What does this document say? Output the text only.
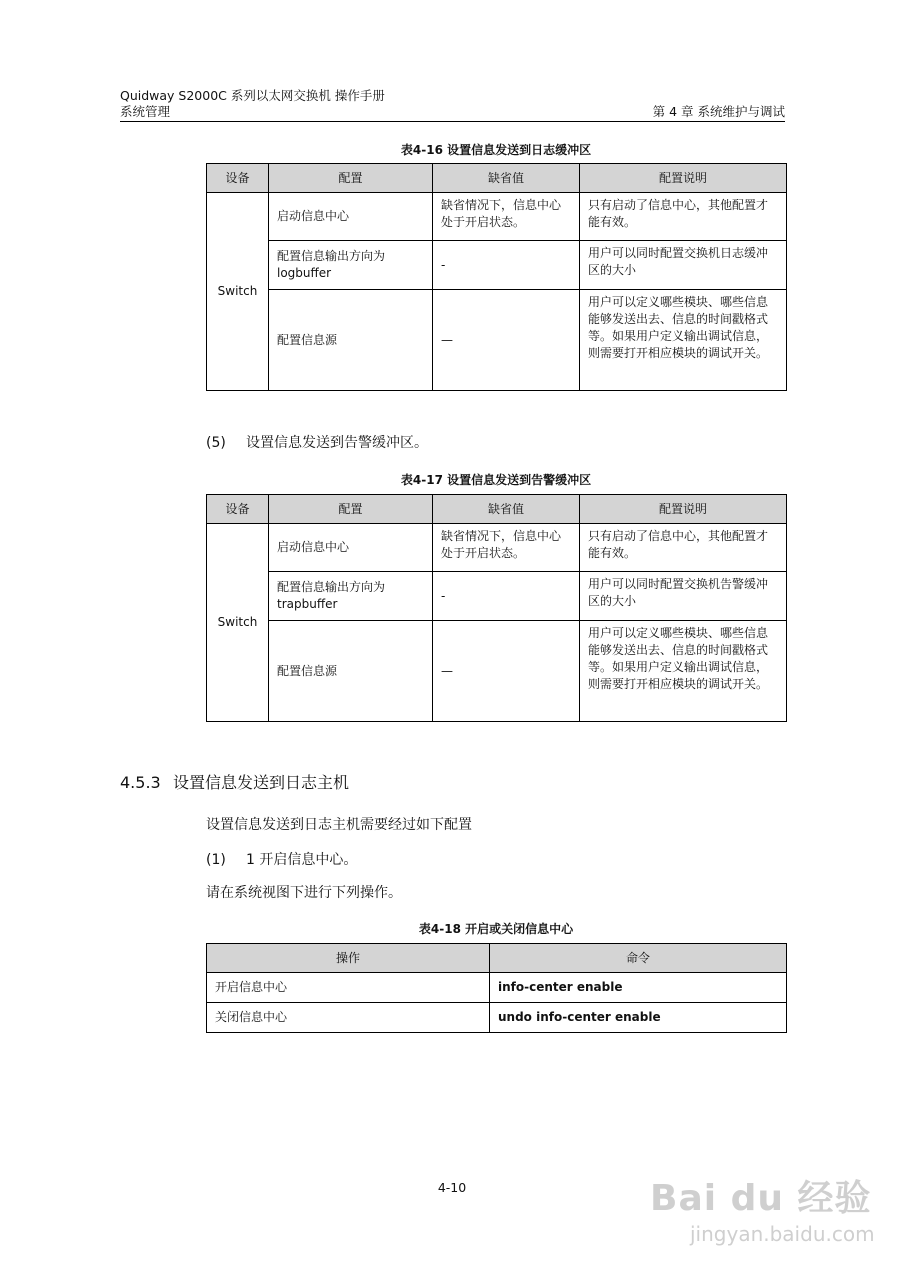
Quidway S2000C 系列以太网交换机 操作手册
系统管理	第 4 章 系统维护与调试
表4-16 设置信息发送到日志缓冲区
设备	配置	缺省值	配置说明
Switch	启动信息中心	缺省情况下，信息中心处于开启状态。	只有启动了信息中心，其他配置才能有效。
	配置信息输出方向为 logbuffer	-	用户可以同时配置交换机日志缓冲区的大小
	配置信息源	—	用户可以定义哪些模块、哪些信息能够发送出去、信息的时间戳格式等。如果用户定义输出调试信息，则需要打开相应模块的调试开关。
(5) 设置信息发送到告警缓冲区。
表4-17 设置信息发送到告警缓冲区
设备	配置	缺省值	配置说明
Switch	启动信息中心	缺省情况下，信息中心处于开启状态。	只有启动了信息中心，其他配置才能有效。
	配置信息输出方向为 trapbuffer	-	用户可以同时配置交换机告警缓冲区的大小
	配置信息源	—	用户可以定义哪些模块、哪些信息能够发送出去、信息的时间戳格式等。如果用户定义输出调试信息，则需要打开相应模块的调试开关。
4.5.3 设置信息发送到日志主机
设置信息发送到日志主机需要经过如下配置
(1) 1 开启信息中心。
请在系统视图下进行下列操作。
表4-18 开启或关闭信息中心
操作	命令
开启信息中心	info-center enable
关闭信息中心	undo info-center enable
4-10	Bai du 经验
jingyan.baidu.com
